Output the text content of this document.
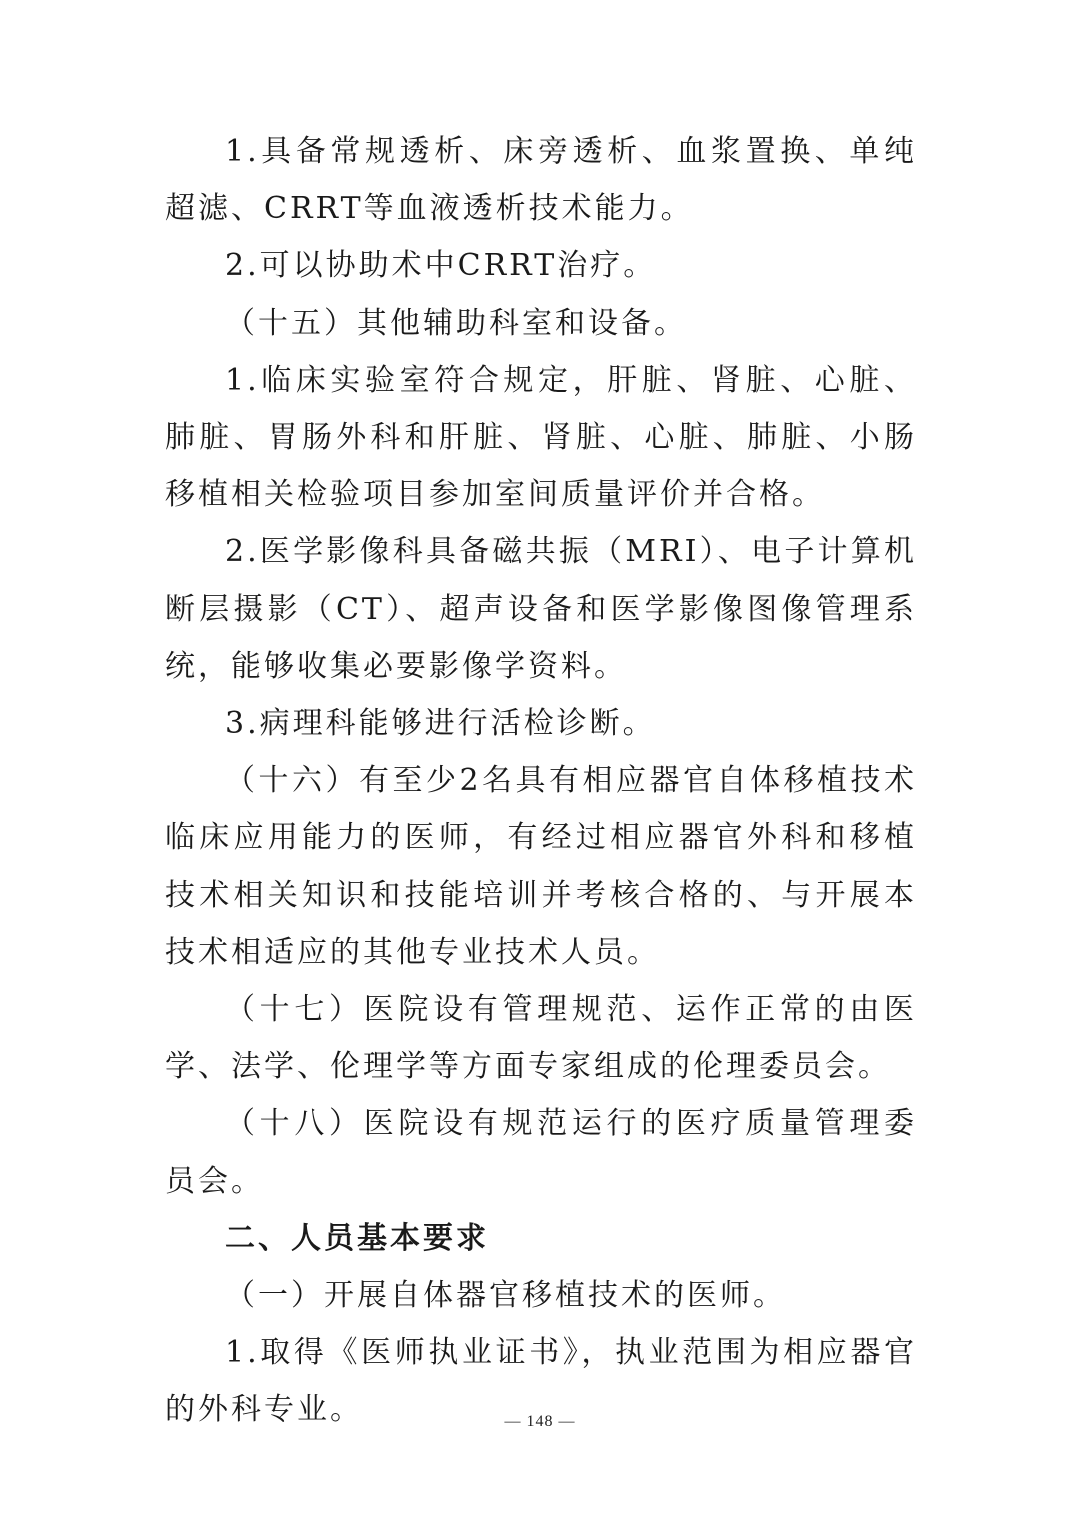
1.具备常规透析、床旁透析、血浆置换、单纯超滤、CRRT等血液透析技术能力。

2.可以协助术中CRRT治疗。

（十五）其他辅助科室和设备。

1.临床实验室符合规定，肝脏、肾脏、心脏、肺脏、胃肠外科和肝脏、肾脏、心脏、肺脏、小肠移植相关检验项目参加室间质量评价并合格。

2.医学影像科具备磁共振（MRI）、电子计算机断层摄影（CT）、超声设备和医学影像图像管理系统，能够收集必要影像学资料。

3.病理科能够进行活检诊断。

（十六）有至少2名具有相应器官自体移植技术临床应用能力的医师，有经过相应器官外科和移植技术相关知识和技能培训并考核合格的、与开展本技术相适应的其他专业技术人员。

（十七）医院设有管理规范、运作正常的由医学、法学、伦理学等方面专家组成的伦理委员会。

（十八）医院设有规范运行的医疗质量管理委员会。

二、人员基本要求

（一）开展自体器官移植技术的医师。

1.取得《医师执业证书》，执业范围为相应器官的外科专业。	— 148 —
